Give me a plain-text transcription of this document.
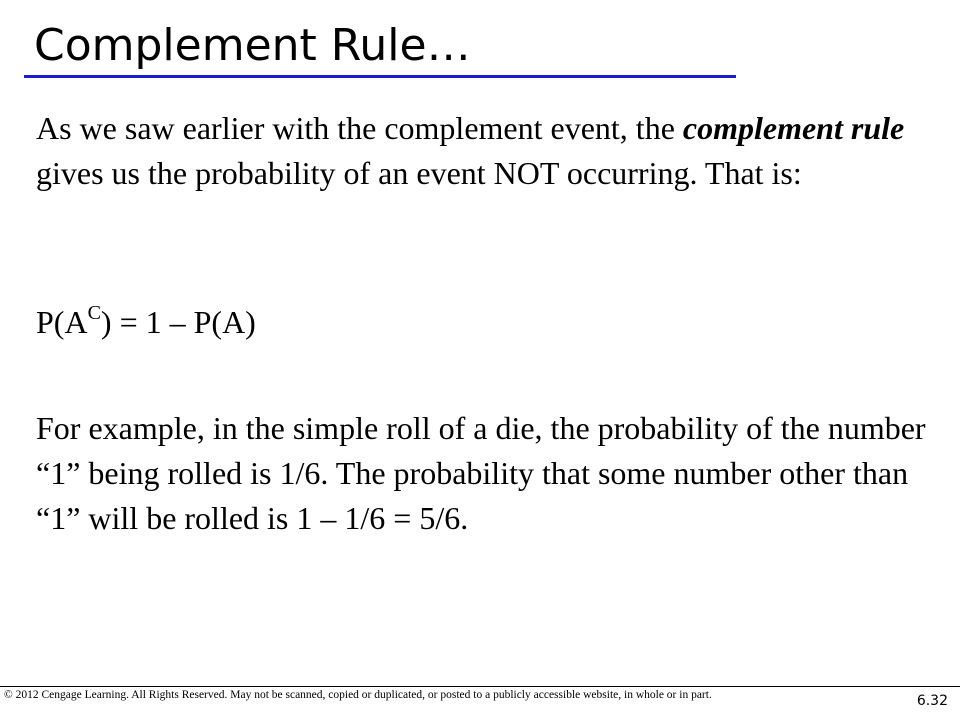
Complement Rule…

As we saw earlier with the complement event, the complement rule gives us the probability of an event NOT occurring. That is:

$P(A^C) = 1 - P(A)$

For example, in the simple roll of a die, the probability of the number “1” being rolled is 1/6. The probability that some number other than “1” will be rolled is 1 – 1/6 = 5/6.

© 2012 Cengage Learning. All Rights Reserved. May not be scanned, copied or duplicated, or posted to a publicly accessible website, in whole or in part.	6.32
